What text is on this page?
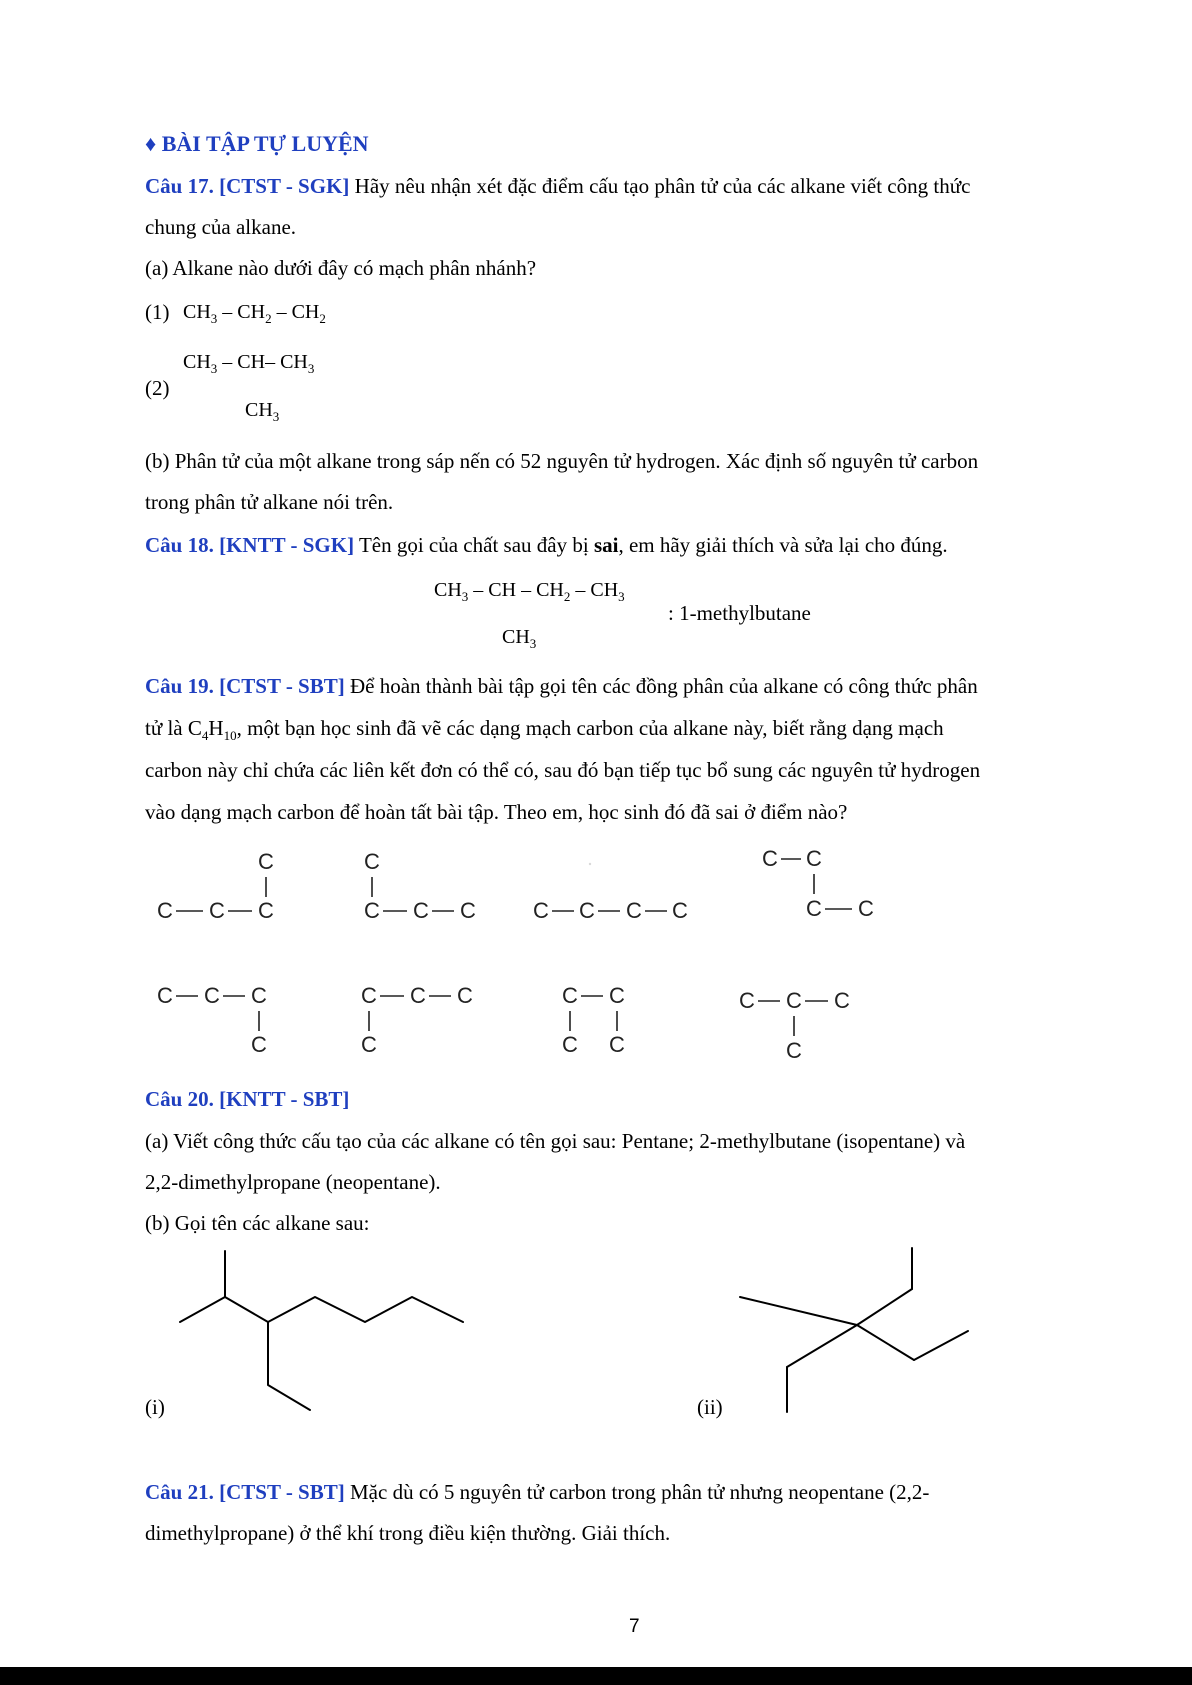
♦ BÀI TẬP TỰ LUYỆN
Câu 17. [CTST - SGK] Hãy nêu nhận xét đặc điểm cấu tạo phân tử của các alkane viết công thức
chung của alkane.
(a) Alkane nào dưới đây có mạch phân nhánh?
(1) $CH_3 - CH_2 - CH_2$
(2)
$CH_3 - CH-$ $CH_3$
$CH_3$
(b) Phân tử của một alkane trong sáp nến có 52 nguyên tử hydrogen. Xác định số nguyên tử carbon
trong phân tử alkane nói trên.
Câu 18. [KNTT - SGK] Tên gọi của chất sau đây bị sai, em hãy giải thích và sửa lại cho đúng.
$CH_3$ – CH – $CH_2 - CH_3$
$CH_3$
: 1-methylbutane
Câu 19. [CTST - SBT] Để hoàn thành bài tập gọi tên các đồng phân của alkane có công thức phân
tử là $C_4H_{10}$, một bạn học sinh đã vẽ các dạng mạch carbon của alkane này, biết rằng dạng mạch
carbon này chỉ chứa các liên kết đơn có thể có, sau đó bạn tiếp tục bổ sung các nguyên tử hydrogen
vào dạng mạch carbon để hoàn tất bài tập. Theo em, học sinh đó đã sai ở điểm nào?
C C C
C	C
C C C	C C C C
C C
C C
C C C
C
C C C
C
C C
C C
C C C
C
Câu 20. [KNTT - SBT]
(a) Viết công thức cấu tạo của các alkane có tên gọi sau: Pentane; 2-methylbutane (isopentane) và
2,2-dimethylpropane (neopentane).
(b) Gọi tên các alkane sau:
(i)	(ii)
Câu 21. [CTST - SBT] Mặc dù có 5 nguyên tử carbon trong phân tử nhưng neopentane (2,2-
dimethylpropane) ở thể khí trong điều kiện thường. Giải thích.
7
